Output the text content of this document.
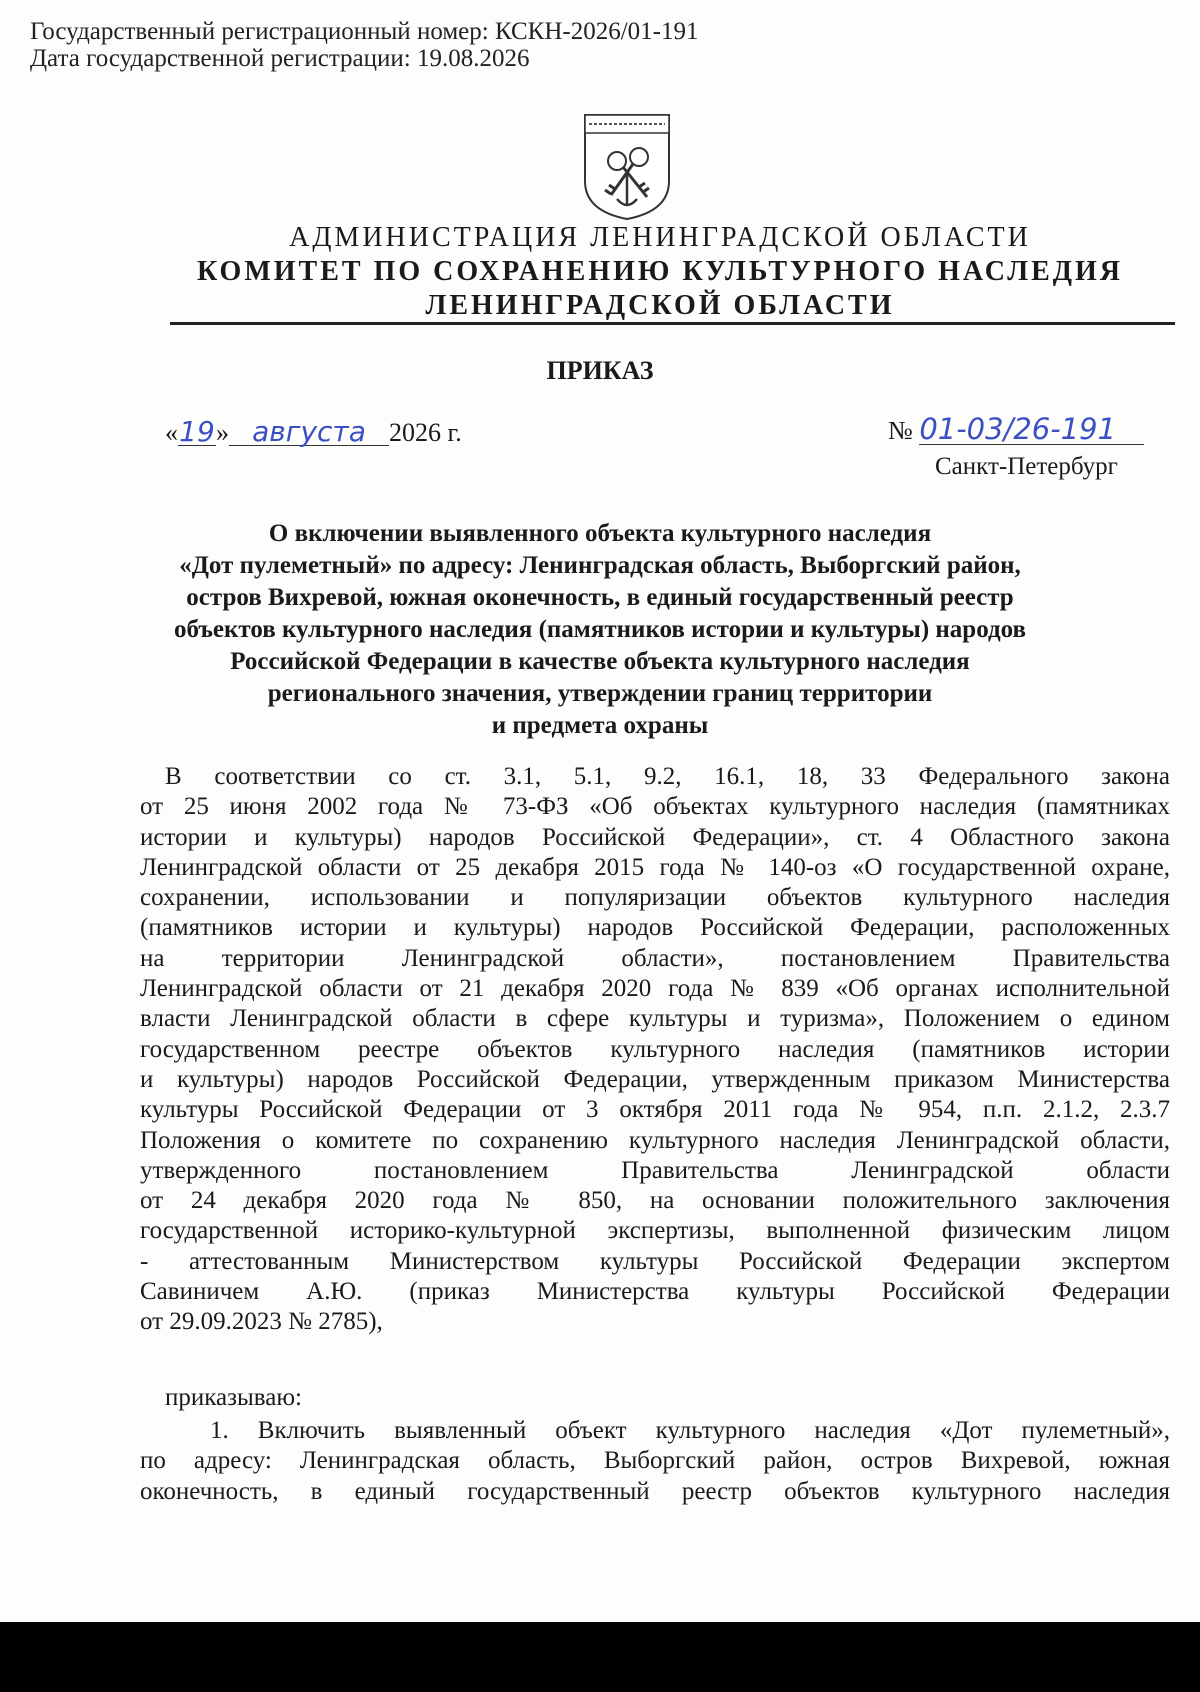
Государственный регистрационный номер: КСКН-2026/01-191
Дата государственной регистрации: 19.08.2026
АДМИНИСТРАЦИЯ ЛЕНИНГРАДСКОЙ ОБЛАСТИ
КОМИТЕТ ПО СОХРАНЕНИЮ КУЛЬТУРНОГО НАСЛЕДИЯ
ЛЕНИНГРАДСКОЙ ОБЛАСТИ
ПРИКАЗ
«19» августа 2026 г.	№ 01-03/26-191
Санкт-Петербург
О включении выявленного объекта культурного наследия
«Дот пулеметный» по адресу: Ленинградская область, Выборгский район,
остров Вихревой, южная оконечность, в единый государственный реестр
объектов культурного наследия (памятников истории и культуры) народов
Российской Федерации в качестве объекта культурного наследия
регионального значения, утверждении границ территории
и предмета охраны
В соответствии со ст. 3.1, 5.1, 9.2, 16.1, 18, 33 Федерального закона
от 25 июня 2002 года № 73-ФЗ «Об объектах культурного наследия (памятниках
истории и культуры) народов Российской Федерации», ст. 4 Областного закона
Ленинградской области от 25 декабря 2015 года № 140-оз «О государственной охране,
сохранении, использовании и популяризации объектов культурного наследия
(памятников истории и культуры) народов Российской Федерации, расположенных
на территории Ленинградской области», постановлением Правительства
Ленинградской области от 21 декабря 2020 года № 839 «Об органах исполнительной
власти Ленинградской области в сфере культуры и туризма», Положением о едином
государственном реестре объектов культурного наследия (памятников истории
и культуры) народов Российской Федерации, утвержденным приказом Министерства
культуры Российской Федерации от 3 октября 2011 года № 954, п.п. 2.1.2, 2.3.7
Положения о комитете по сохранению культурного наследия Ленинградской области,
утвержденного постановлением Правительства Ленинградской области
от 24 декабря 2020 года № 850, на основании положительного заключения
государственной историко-культурной экспертизы, выполненной физическим лицом
- аттестованным Министерством культуры Российской Федерации экспертом
Савиничем А.Ю. (приказ Министерства культуры Российской Федерации
от 29.09.2023 № 2785),
приказываю:
1. Включить выявленный объект культурного наследия «Дот пулеметный»,
по адресу: Ленинградская область, Выборгский район, остров Вихревой, южная
оконечность, в единый государственный реестр объектов культурного наследия
